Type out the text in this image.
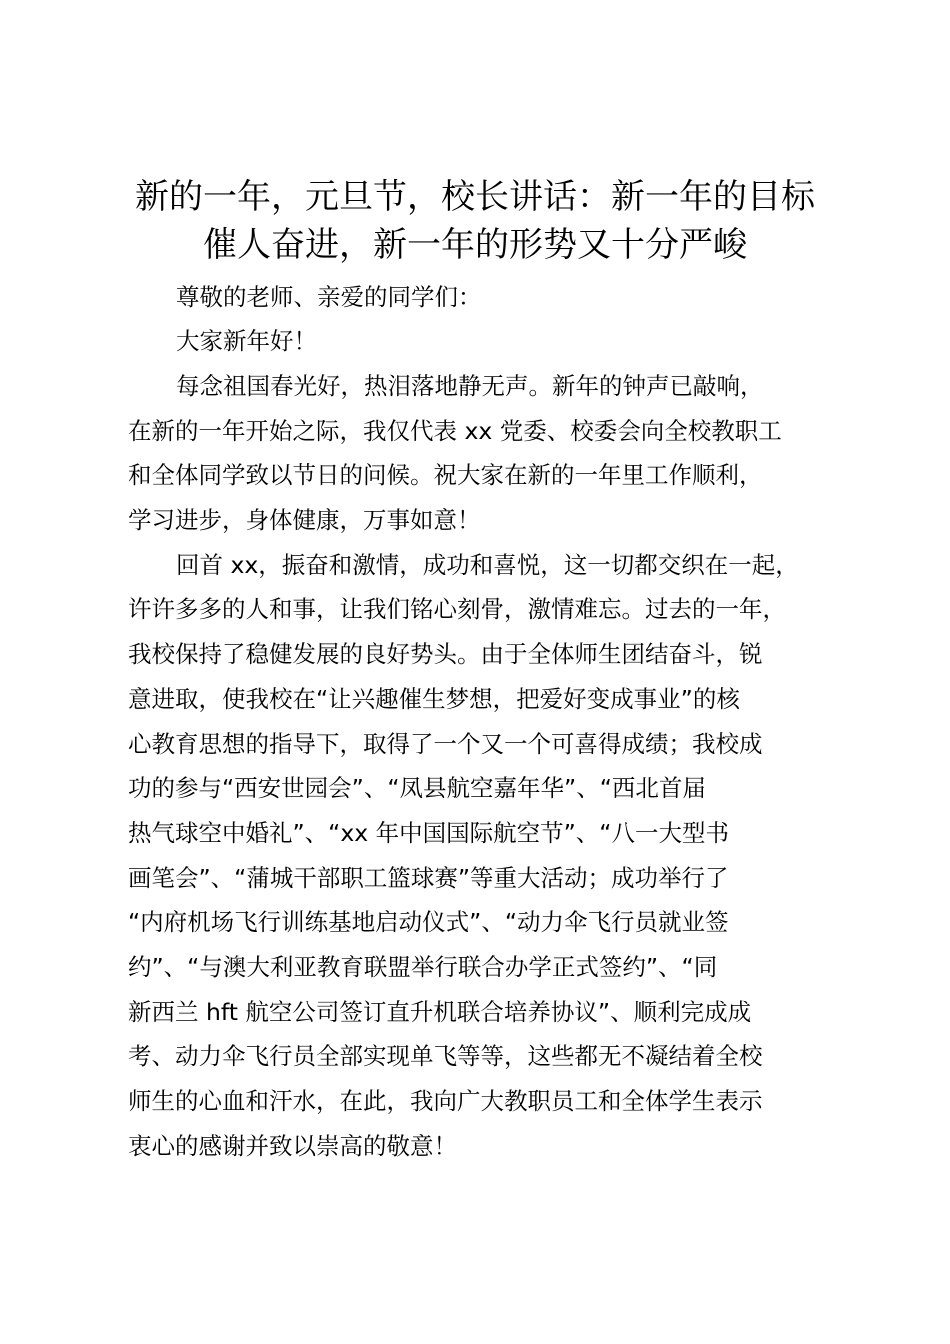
新的一年，元旦节，校长讲话：新一年的目标
催人奋进，新一年的形势又十分严峻

尊敬的老师、亲爱的同学们：

大家新年好！

每念祖国春光好，热泪落地静无声。新年的钟声已敲响，

在新的一年开始之际，我仅代表 xx 党委、校委会向全校教职工

和全体同学致以节日的问候。祝大家在新的一年里工作顺利，

学习进步，身体健康，万事如意！

回首 xx，振奋和激情，成功和喜悦，这一切都交织在一起，

许许多多的人和事，让我们铭心刻骨，激情难忘。过去的一年，

我校保持了稳健发展的良好势头。由于全体师生团结奋斗，锐

意进取，使我校在“让兴趣催生梦想，把爱好变成事业”的核

心教育思想的指导下，取得了一个又一个可喜得成绩；我校成

功的参与“西安世园会”、“凤县航空嘉年华”、“西北首届

热气球空中婚礼”、“xx 年中国国际航空节”、“八一大型书

画笔会”、“蒲城干部职工篮球赛”等重大活动；成功举行了

“内府机场飞行训练基地启动仪式”、“动力伞飞行员就业签

约”、“与澳大利亚教育联盟举行联合办学正式签约”、“同

新西兰 hft 航空公司签订直升机联合培养协议”、顺利完成成

考、动力伞飞行员全部实现单飞等等，这些都无不凝结着全校

师生的心血和汗水，在此，我向广大教职员工和全体学生表示

衷心的感谢并致以崇高的敬意！
